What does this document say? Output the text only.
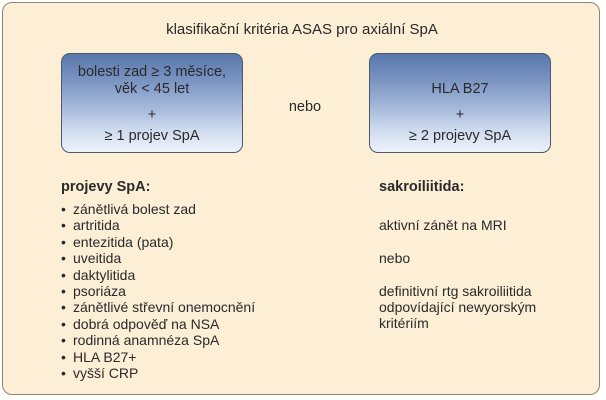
klasifikační kritéria ASAS pro axiální SpA
bolesti zad ≥ 3 měsíce,
věk < 45 let
+
≥ 1 projev SpA
nebo
HLA B27
+
≥ 2 projevy SpA
projevy SpA:
• zánětlivá bolest zad
• artritida
• entezitida (pata)
• uveitida
• daktylitida
• psoriáza
• zánětlivé střevní onemocnění
• dobrá odpověď na NSA
• rodinná anamnéza SpA
• HLA B27+
• vyšší CRP
sakroiliitida:
aktivní zánět na MRI
nebo
definitivní rtg sakroiliitida
odpovídající newyorským
kritériím
